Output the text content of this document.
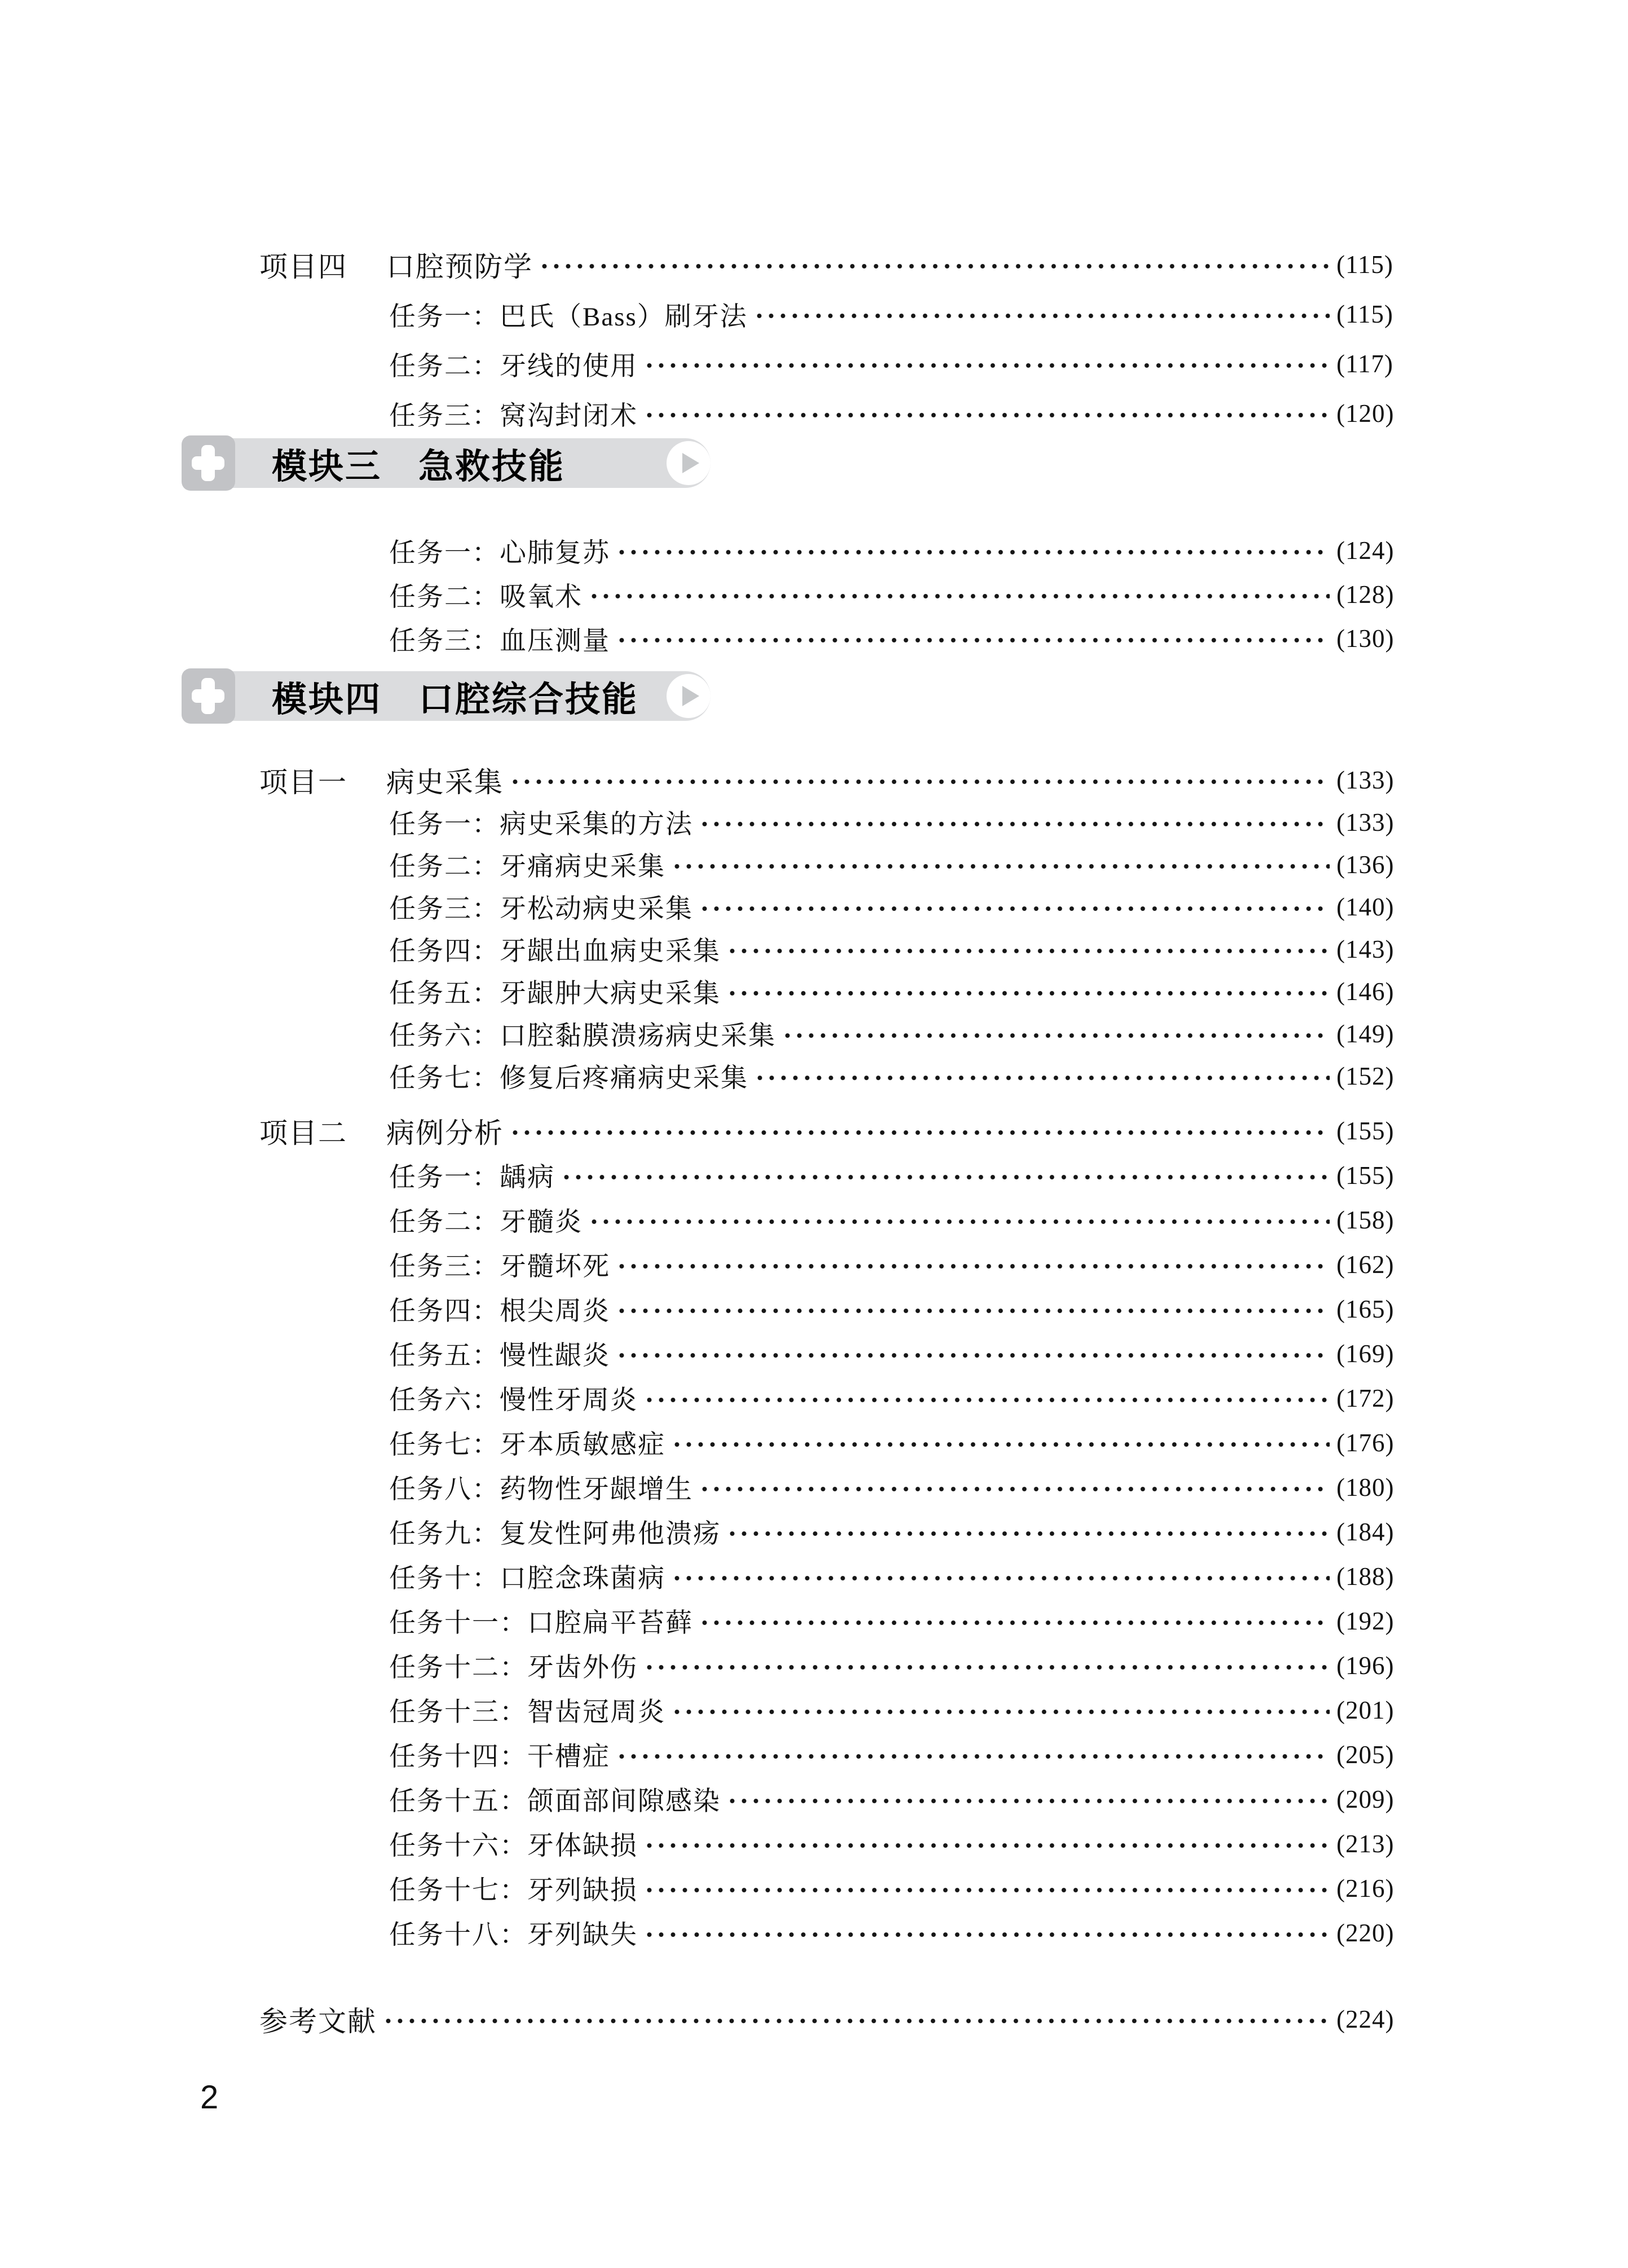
项目四	口腔预防学	(115)
任务一：巴氏（Bass）刷牙法	(115)
任务二：牙线的使用	(117)
任务三：窝沟封闭术	(120)
模块三　急救技能
任务一：心肺复苏	(124)
任务二：吸氧术	(128)
任务三：血压测量	(130)
模块四　口腔综合技能
项目一	病史采集	(133)
任务一：病史采集的方法	(133)
任务二：牙痛病史采集	(136)
任务三：牙松动病史采集	(140)
任务四：牙龈出血病史采集	(143)
任务五：牙龈肿大病史采集	(146)
任务六：口腔黏膜溃疡病史采集	(149)
任务七：修复后疼痛病史采集	(152)
项目二	病例分析	(155)
任务一：龋病	(155)
任务二：牙髓炎	(158)
任务三：牙髓坏死	(162)
任务四：根尖周炎	(165)
任务五：慢性龈炎	(169)
任务六：慢性牙周炎	(172)
任务七：牙本质敏感症	(176)
任务八：药物性牙龈增生	(180)
任务九：复发性阿弗他溃疡	(184)
任务十：口腔念珠菌病	(188)
任务十一：口腔扁平苔藓	(192)
任务十二：牙齿外伤	(196)
任务十三：智齿冠周炎	(201)
任务十四：干槽症	(205)
任务十五：颌面部间隙感染	(209)
任务十六：牙体缺损	(213)
任务十七：牙列缺损	(216)
任务十八：牙列缺失	(220)
参考文献	(224)
2
